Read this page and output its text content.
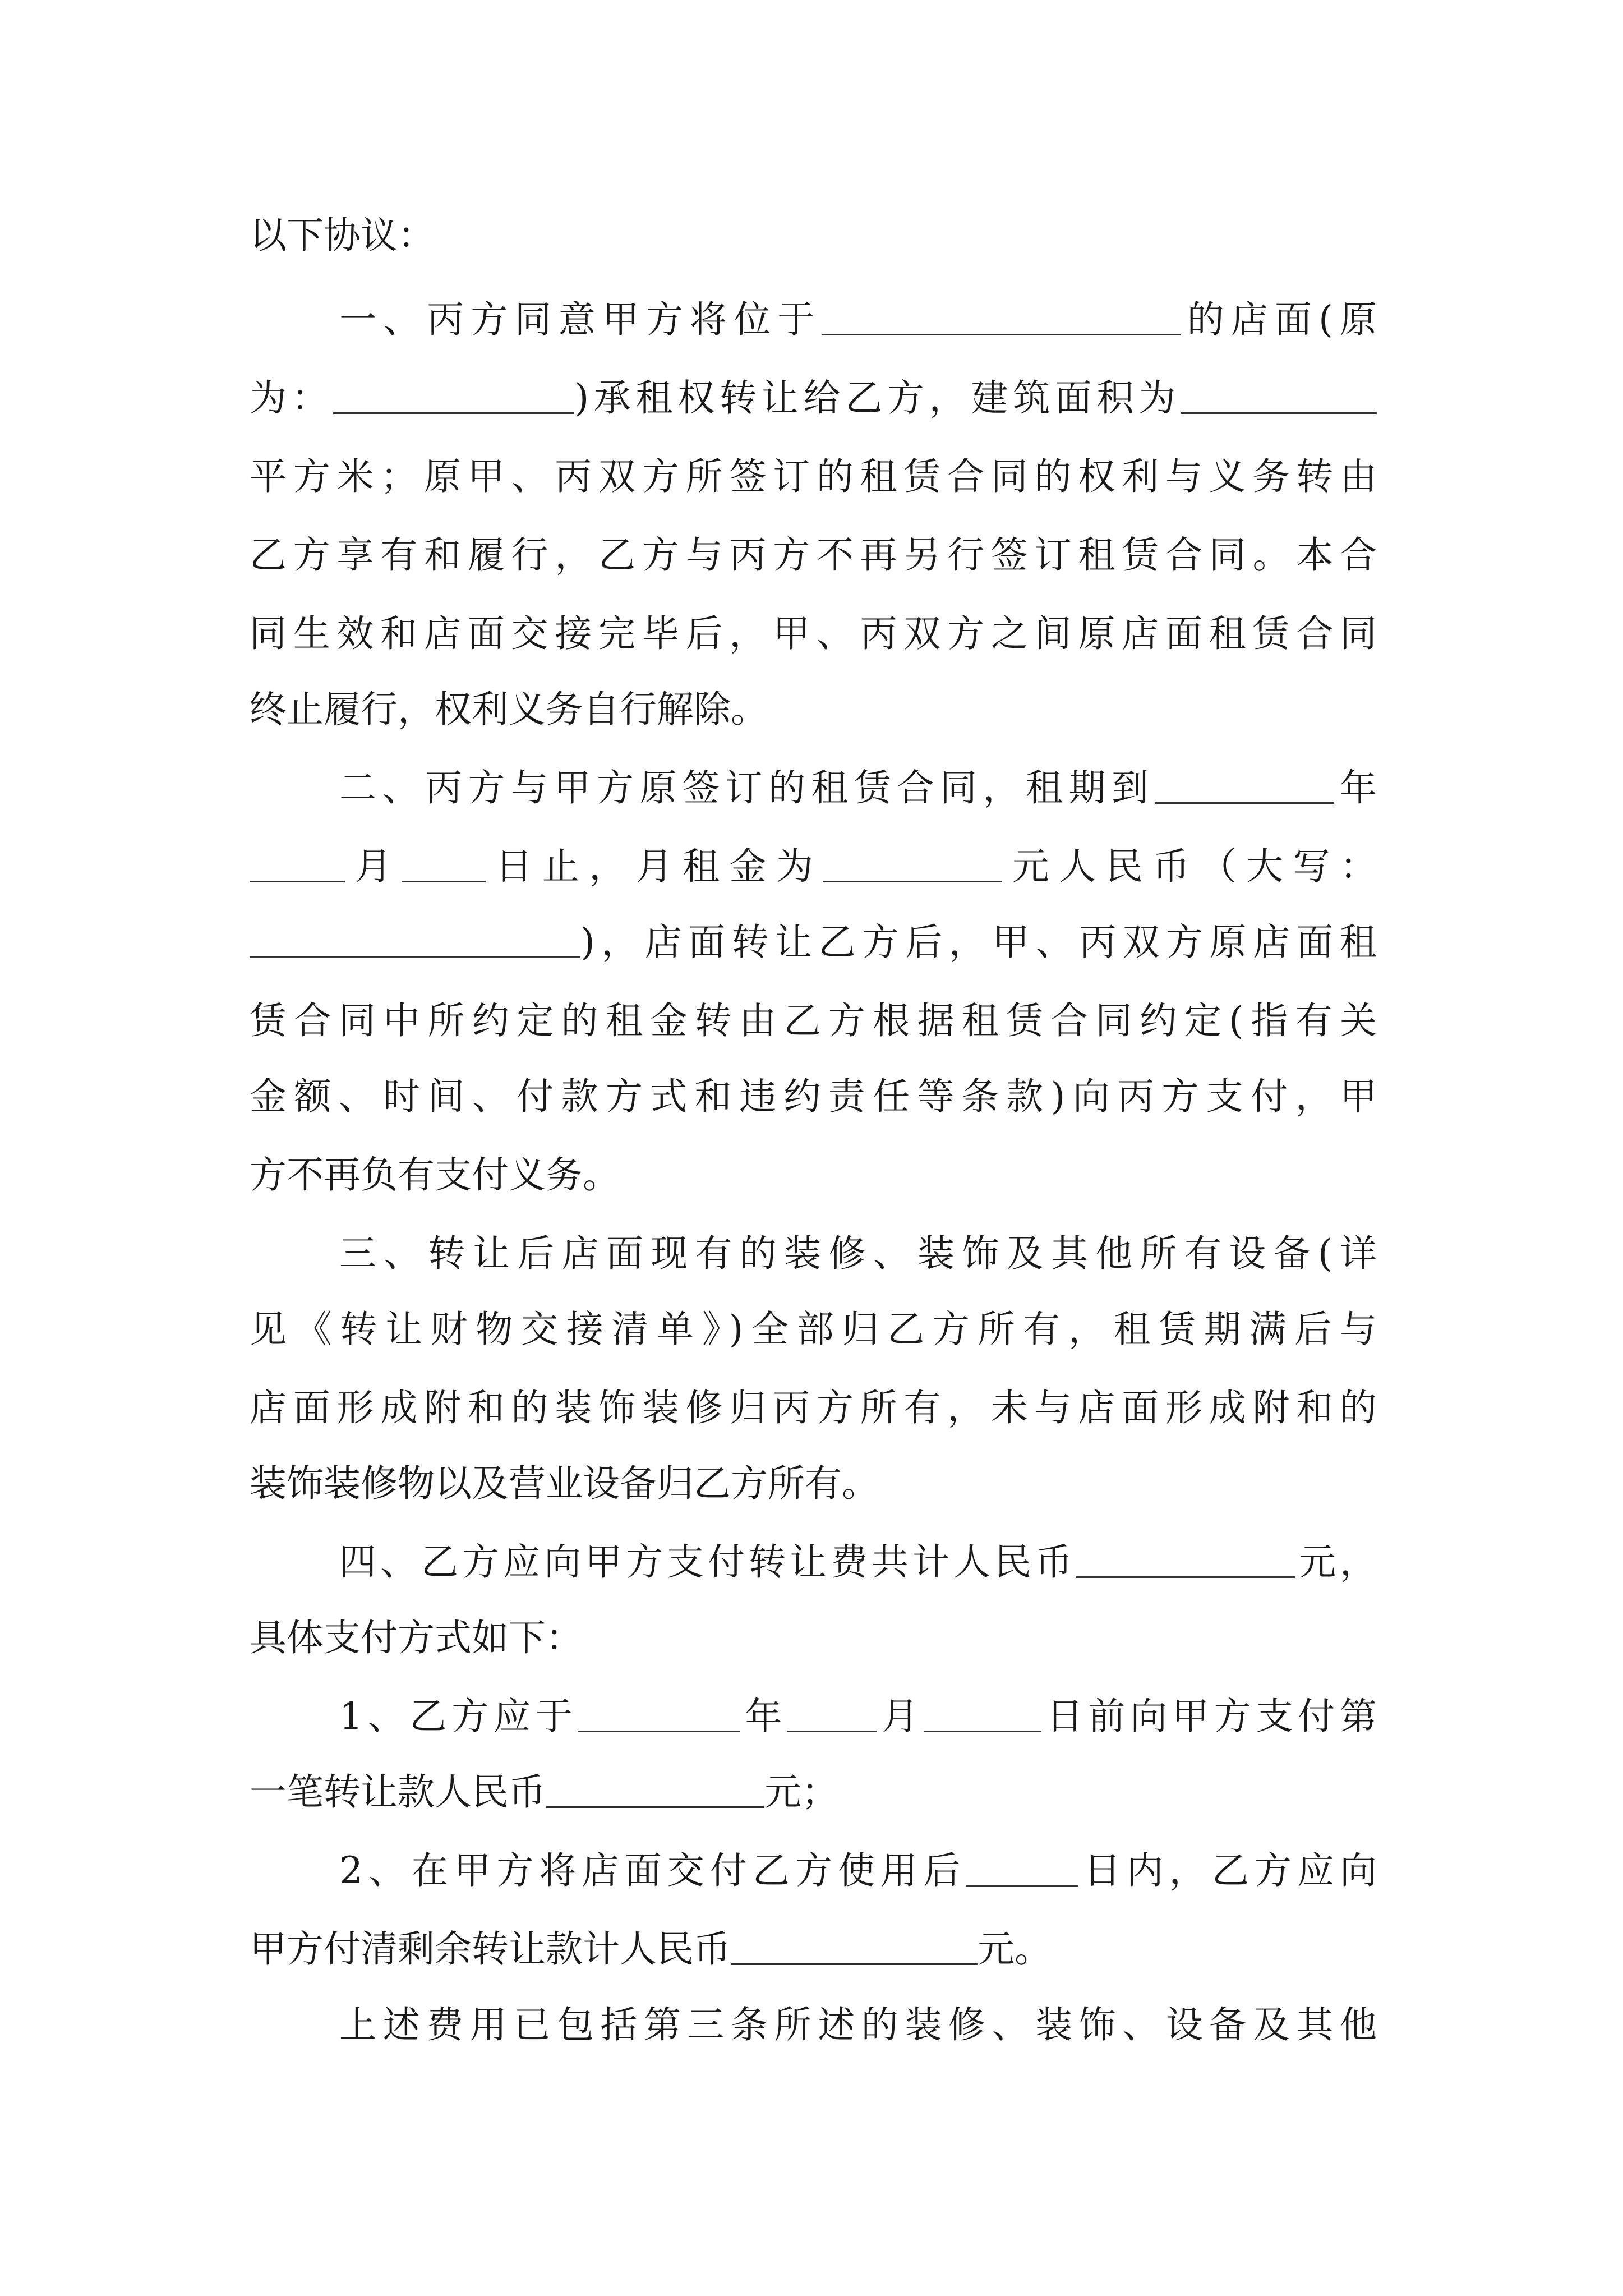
以下协议：
一、丙方同意甲方将位于	的店面(原
为：	)承租权转让给乙方，建筑面积为
平方米；原甲、丙双方所签订的租赁合同的权利与义务转由
乙方享有和履行，乙方与丙方不再另行签订租赁合同。本合
同生效和店面交接完毕后，甲、丙双方之间原店面租赁合同
终止履行，权利义务自行解除。
二、丙方与甲方原签订的租赁合同，租期到	年
月 日止，月租金为	元人民币（大写：
)，店面转让乙方后，甲、丙双方原店面租
赁合同中所约定的租金转由乙方根据租赁合同约定(指有关
金额、时间、付款方式和违约责任等条款)向丙方支付，甲
方不再负有支付义务。
三、转让后店面现有的装修、装饰及其他所有设备(详
见《转让财物交接清单》)全部归乙方所有，租赁期满后与
店面形成附和的装饰装修归丙方所有，未与店面形成附和的
装饰装修物以及营业设备归乙方所有。
四、乙方应向甲方支付转让费共计人民币	元，
具体支付方式如下：
1、乙方应于	年 月	日前向甲方支付第
一笔转让款人民币	元；
2、在甲方将店面交付乙方使用后	日内，乙方应向
甲方付清剩余转让款计人民币	元。
上述费用已包括第三条所述的装修、装饰、设备及其他
